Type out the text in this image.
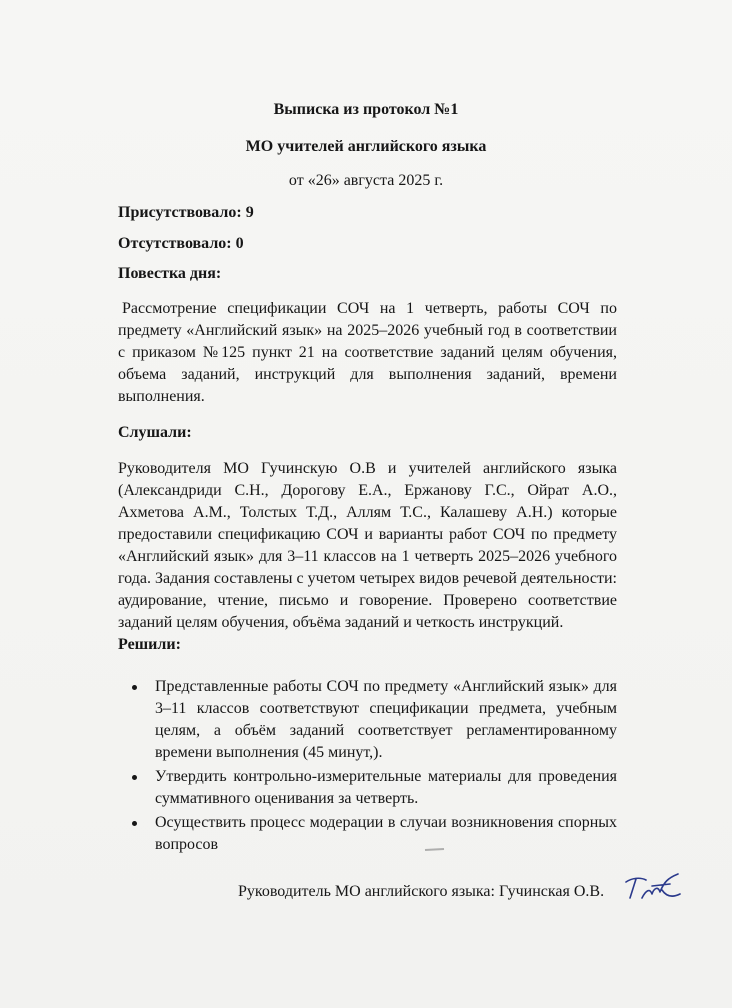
Выписка из протокол №1
МО учителей английского языка
от «26» августа 2025 г.
Присутствовало: 9
Отсутствовало: 0
Повестка дня:
Рассмотрение спецификации СОЧ на 1 четверть, работы СОЧ по предмету «Английский язык» на 2025–2026 учебный год в соответствии с приказом №125 пункт 21 на соответствие заданий целям обучения, объема заданий, инструкций для выполнения заданий, времени выполнения.
Слушали:
Руководителя МО Гучинскую О.В и учителей английского языка (Александриди С.Н., Дорогову Е.А., Ержанову Г.С., Ойрат А.О., Ахметова А.М., Толстых Т.Д., Аллям Т.С., Калашеву А.Н.) которые предоставили спецификацию СОЧ и варианты работ СОЧ по предмету «Английский язык» для 3–11 классов на 1 четверть 2025–2026 учебного года. Задания составлены с учетом четырех видов речевой деятельности: аудирование, чтение, письмо и говорение. Проверено соответствие заданий целям обучения, объёма заданий и четкость инструкций.
Решили:
Представленные работы СОЧ по предмету «Английский язык» для 3–11 классов соответствуют спецификации предмета, учебным целям, а объём заданий соответствует регламентированному времени выполнения (45 минут,).
Утвердить контрольно-измерительные материалы для проведения суммативного оценивания за четверть.
Осуществить процесс модерации в случаи возникновения спорных вопросов
Руководитель МО английского языка: Гучинская О.В.
